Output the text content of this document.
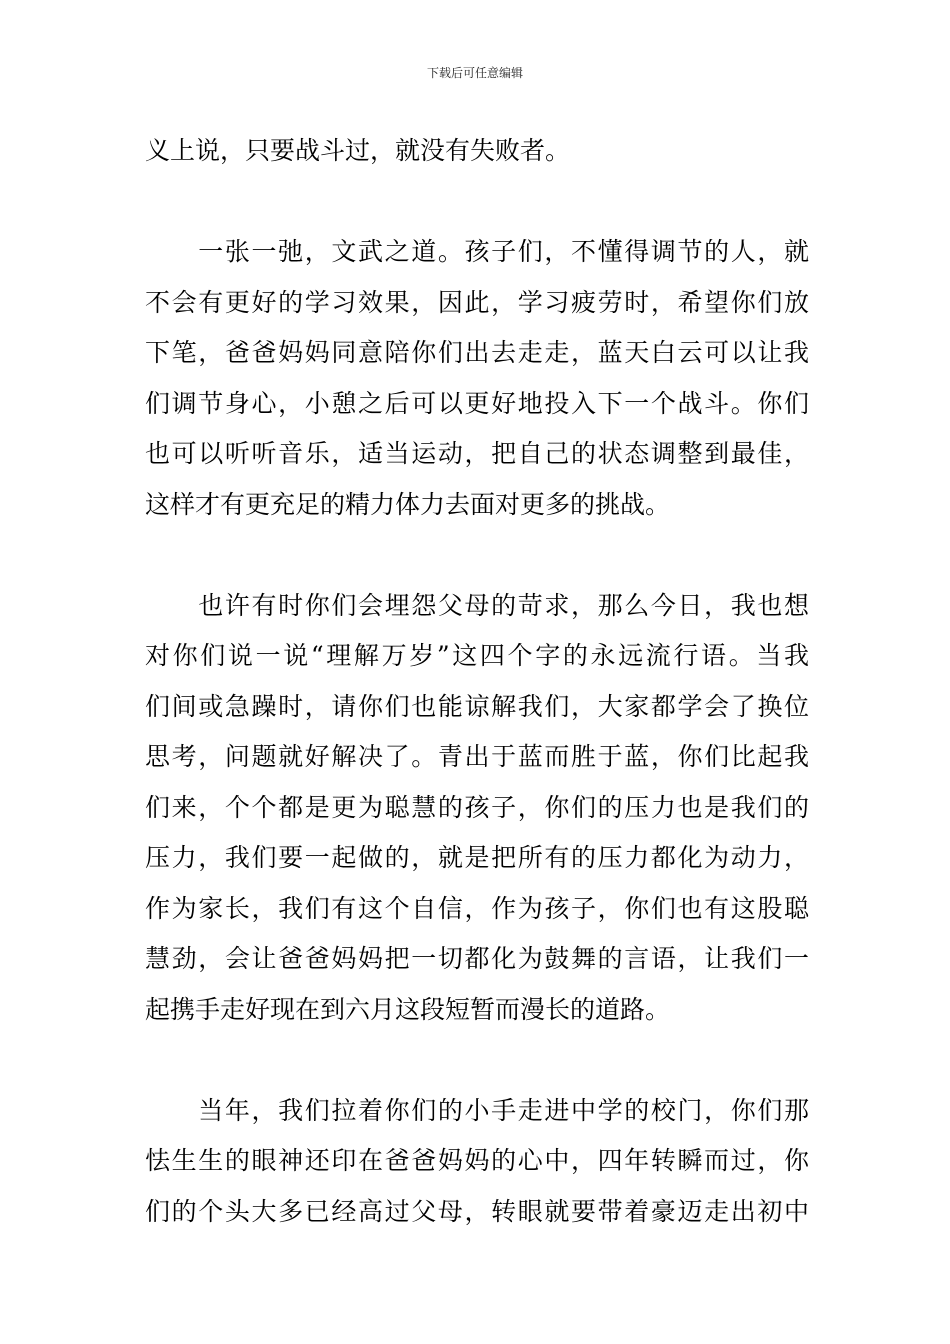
下载后可任意编辑
义上说，只要战斗过，就没有失败者。
　　一张一弛，文武之道。孩子们，不懂得调节的人，就
不会有更好的学习效果，因此，学习疲劳时，希望你们放
下笔，爸爸妈妈同意陪你们出去走走，蓝天白云可以让我
们调节身心，小憩之后可以更好地投入下一个战斗。你们
也可以听听音乐，适当运动，把自己的状态调整到最佳，
这样才有更充足的精力体力去面对更多的挑战。
　　也许有时你们会埋怨父母的苛求，那么今日，我也想
对你们说一说“理解万岁”这四个字的永远流行语。当我
们间或急躁时，请你们也能谅解我们，大家都学会了换位
思考，问题就好解决了。青出于蓝而胜于蓝，你们比起我
们来，个个都是更为聪慧的孩子，你们的压力也是我们的
压力，我们要一起做的，就是把所有的压力都化为动力，
作为家长，我们有这个自信，作为孩子，你们也有这股聪
慧劲，会让爸爸妈妈把一切都化为鼓舞的言语，让我们一
起携手走好现在到六月这段短暂而漫长的道路。
　　当年，我们拉着你们的小手走进中学的校门，你们那
怯生生的眼神还印在爸爸妈妈的心中，四年转瞬而过，你
们的个头大多已经高过父母，转眼就要带着豪迈走出初中
